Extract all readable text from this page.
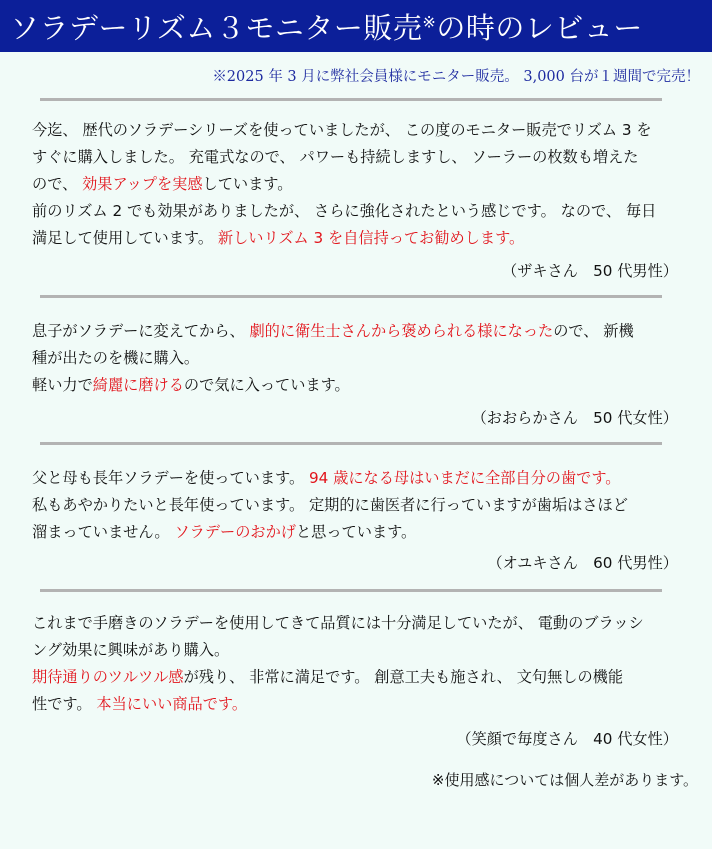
ソラデーリズム３モニター販売※の時のレビュー
※2025 年 3 月に弊社会員様にモニター販売。 3,000 台が１週間で完売！

今迄、 歴代のソラデーシリーズを使っていましたが、 この度のモニター販売でリズム 3 を

すぐに購入しました。 充電式なので、 パワーも持続しますし、 ソーラーの枚数も増えた

ので、 効果アップを実感しています。

前のリズム 2 でも効果がありましたが、 さらに強化されたという感じです。 なので、 毎日

満足して使用しています。 新しいリズム 3 を自信持ってお勧めします。

（ザキさん　50 代男性）

息子がソラデーに変えてから、 劇的に衛生士さんから褒められる様になったので、 新機

種が出たのを機に購入。

軽い力で綺麗に磨けるので気に入っています。

（おおらかさん　50 代女性）

父と母も長年ソラデーを使っています。 94 歳になる母はいまだに全部自分の歯です。

私もあやかりたいと長年使っています。 定期的に歯医者に行っていますが歯垢はさほど

溜まっていません。 ソラデーのおかげと思っています。

（オユキさん　60 代男性）

これまで手磨きのソラデーを使用してきて品質には十分満足していたが、 電動のブラッシ

ング効果に興味があり購入。

期待通りのツルツル感が残り、 非常に満足です。 創意工夫も施され、 文句無しの機能

性です。 本当にいい商品です。

（笑顔で毎度さん　40 代女性）
※使用感については個人差があります。
